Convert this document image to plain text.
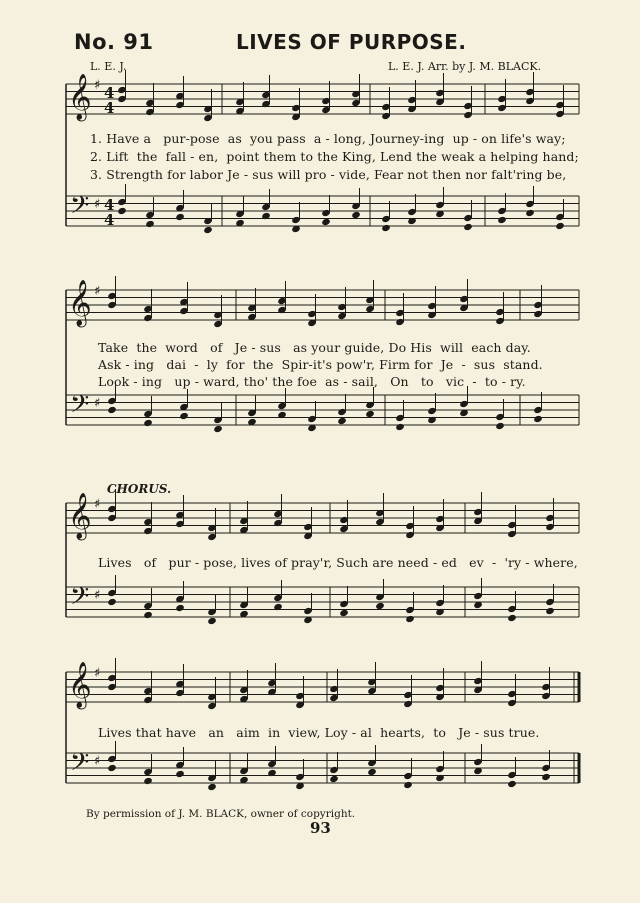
No. 91	LIVES OF PURPOSE.
L. E. J.	L. E. J. Arr. by J. M. BLACK.
𝄞
𝄢
♯
♯
4
4
4
4
𝄞
𝄢
♯
♯
𝄞
𝄢
♯
♯
𝄞
𝄢
♯
♯
1. Have a   pur-pose  as  you pass  a - long, Journey-ing  up - on life's way;
2. Lift  the  fall - en,  point them to the King, Lend the weak a helping hand;
3. Strength for labor Je - sus will pro - vide, Fear not then nor falt'ring be,
Take  the  word   of   Je - sus   as your guide, Do His  will  each day.
Ask - ing   dai  -  ly  for  the  Spir-it's pow'r, Firm for  Je  -  sus  stand.
Look - ing   up - ward, tho' the foe  as - sail,   On   to   vic  -  to - ry.
CHORUS.
Lives   of   pur - pose, lives of pray'r, Such are need - ed   ev  -  'ry - where,
Lives that have   an   aim  in  view, Loy - al  hearts,  to   Je - sus true.
By permission of J. M. BLACK, owner of copyright.
93
